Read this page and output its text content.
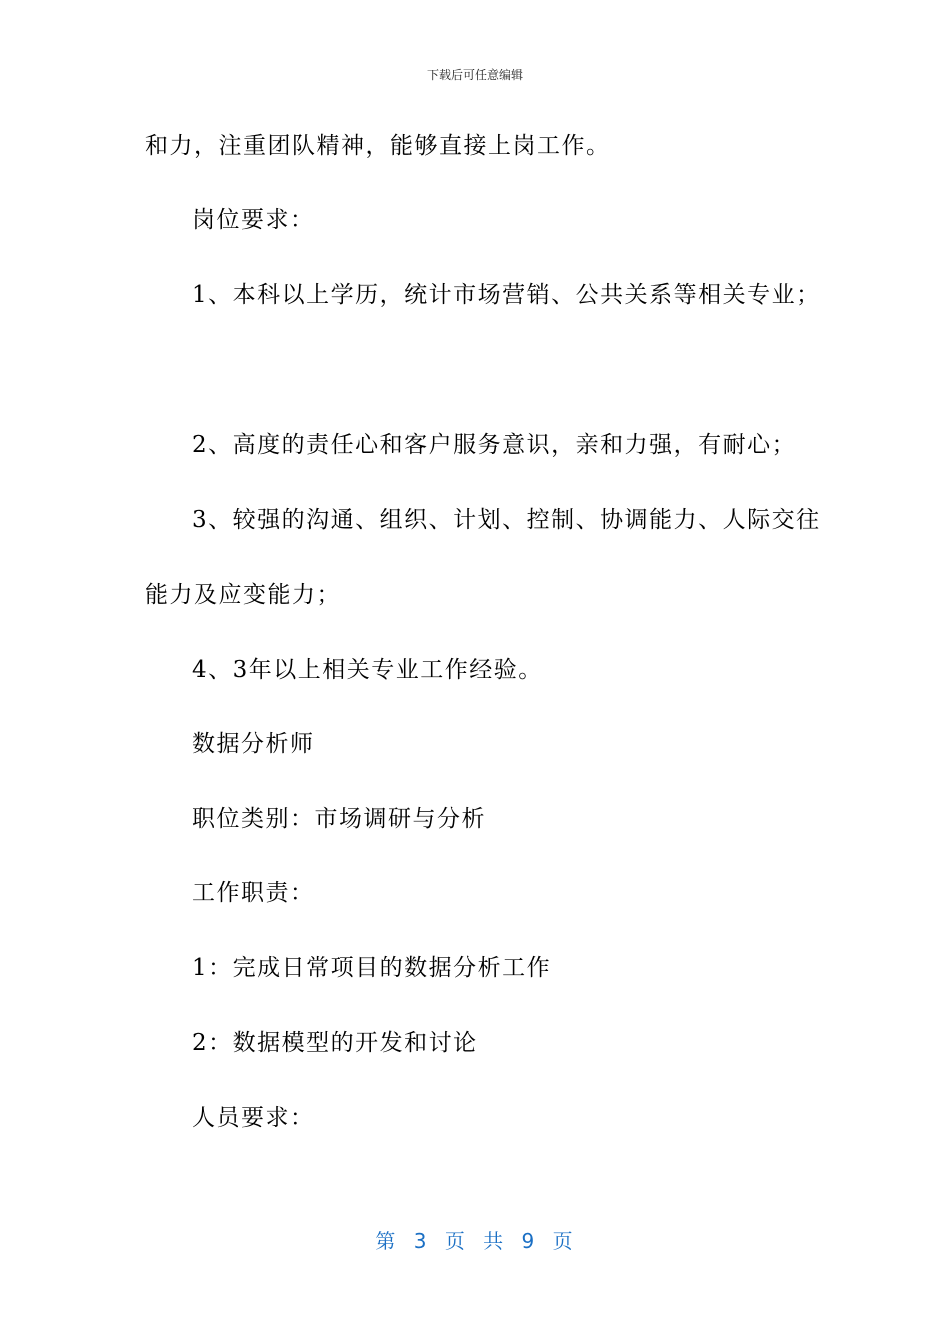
下载后可任意编辑
和力，注重团队精神，能够直接上岗工作。
岗位要求：
1、本科以上学历，统计市场营销、公共关系等相关专业；
2、高度的责任心和客户服务意识，亲和力强，有耐心；
3、较强的沟通、组织、计划、控制、协调能力、人际交往
能力及应变能力；
4、3年以上相关专业工作经验。
数据分析师
职位类别：市场调研与分析
工作职责：
1：完成日常项目的数据分析工作
2：数据模型的开发和讨论
人员要求：
第 3 页 共 9 页
